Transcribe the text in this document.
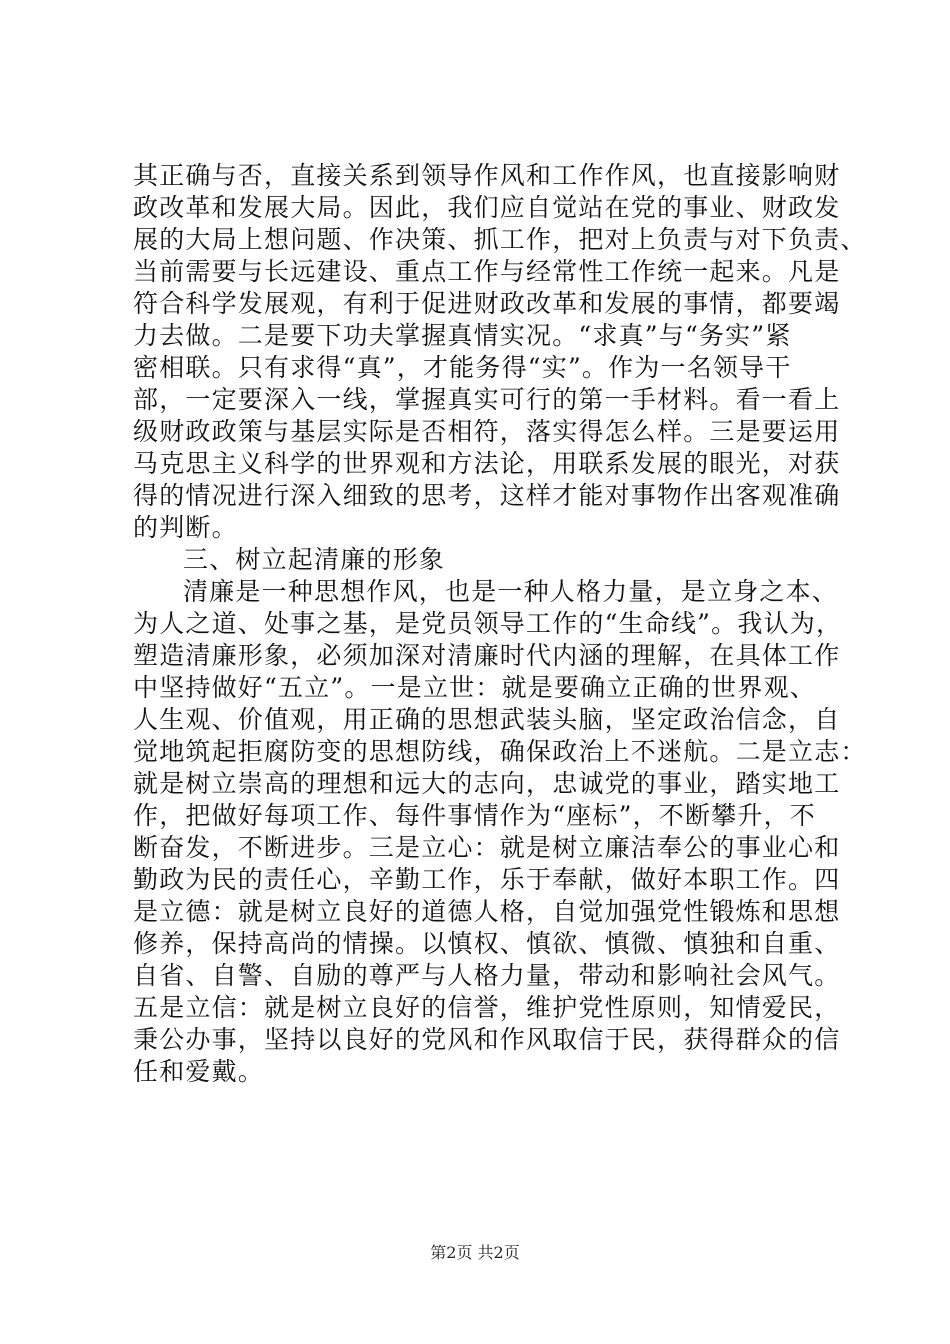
其正确与否，直接关系到领导作风和工作作风，也直接影响财
政改革和发展大局。因此，我们应自觉站在党的事业、财政发
展的大局上想问题、作决策、抓工作，把对上负责与对下负责、
当前需要与长远建设、重点工作与经常性工作统一起来。凡是
符合科学发展观，有利于促进财政改革和发展的事情，都要竭
力去做。二是要下功夫掌握真情实况。“求真”与“务实”紧
密相联。只有求得“真”，才能务得“实”。作为一名领导干
部，一定要深入一线，掌握真实可行的第一手材料。看一看上
级财政政策与基层实际是否相符，落实得怎么样。三是要运用
马克思主义科学的世界观和方法论，用联系发展的眼光，对获
得的情况进行深入细致的思考，这样才能对事物作出客观准确
的判断。
三、树立起清廉的形象
清廉是一种思想作风，也是一种人格力量，是立身之本、
为人之道、处事之基，是党员领导工作的“生命线”。我认为，
塑造清廉形象，必须加深对清廉时代内涵的理解，在具体工作
中坚持做好“五立”。一是立世：就是要确立正确的世界观、
人生观、价值观，用正确的思想武装头脑，坚定政治信念，自
觉地筑起拒腐防变的思想防线，确保政治上不迷航。二是立志：
就是树立崇高的理想和远大的志向，忠诚党的事业，踏实地工
作，把做好每项工作、每件事情作为“座标”，不断攀升，不
断奋发，不断进步。三是立心：就是树立廉洁奉公的事业心和
勤政为民的责任心，辛勤工作，乐于奉献，做好本职工作。四
是立德：就是树立良好的道德人格，自觉加强党性锻炼和思想
修养，保持高尚的情操。以慎权、慎欲、慎微、慎独和自重、
自省、自警、自励的尊严与人格力量，带动和影响社会风气。
五是立信：就是树立良好的信誉，维护党性原则，知情爱民，
秉公办事，坚持以良好的党风和作风取信于民，获得群众的信
任和爱戴。
第2页 共2页
